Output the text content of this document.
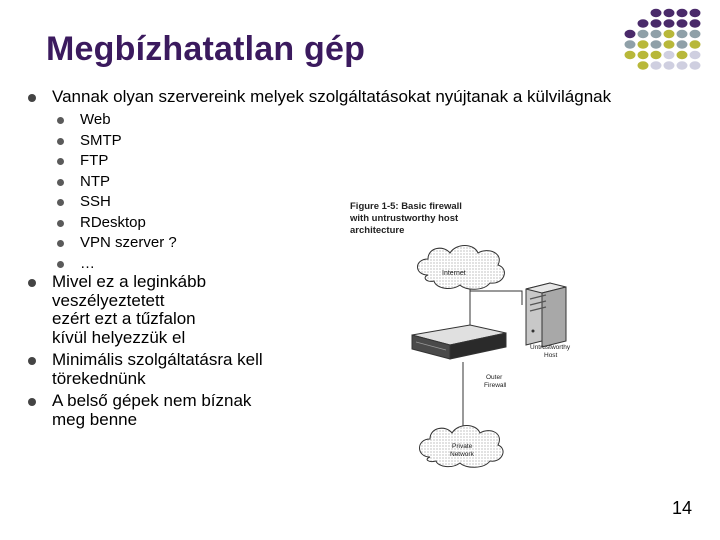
Megbízhatatlan gép
Vannak olyan szervereink melyek szolgáltatásokat nyújtanak a külvilágnak
Web
SMTP
FTP
NTP
SSH
RDesktop
VPN szerver ?
…
Mivel ez a leginkább
veszélyeztetett
ezért ezt a tűzfalon
kívül helyezzük el
Minimális szolgáltatásra kell
törekednünk
A belső gépek nem bíznak
meg benne
Figure 1-5: Basic firewall
with untrustworthy host
architecture
Internet
Untrustworthy
Host
Outer
Firewall
Private
Network
14
